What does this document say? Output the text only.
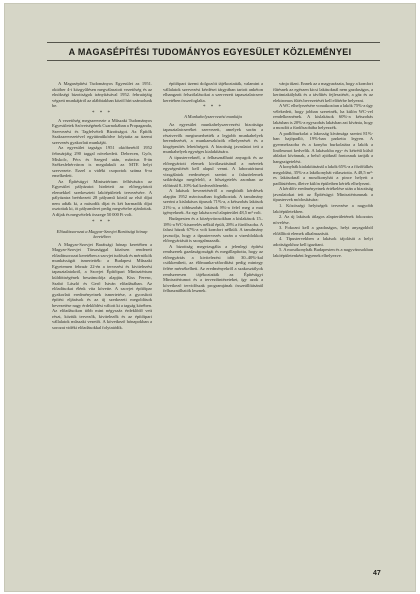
A MAGASÉPÍTÉSI TUDOMÁNYOS EGYESÜLET KÖZLEMÉNYEI

A Magasépítési Tudományos Egyesület az 1951. október 4-i közgyűlésen megválasztott vezetőség és az elnökségi bizottságok irányításával 1952. februárjáig végzett munkájáról az alábbiakban közöl hírt számolunk be.

* * *

A vezetőség megszervezte a Műszaki Tudományos Egyesületek Szövetségének Csarnokában a Propaganda, Szervezési és Tagfelvételi Bizottságot. Az Építők Szakszervezetével együttműködve folytatta az üzemi szervezés gyakorlati munkáját.

Az egyesület tagsága 1951 októberétől 1952 februárjáig 290 taggal növekedett. Debrecen, Győr, Miskolc, Pécs és Szeged után, március 8-án Székesfehérváron is megalakult az MTE helyi szervezete. Ezzel a vidéki csoportok száma 6-ra emelkedett.

Az Építésügyi Minisztérium felhívására az Egyesület pályázatot hirdetett az előregyártott elemekkel szerkesztett lakóépületek tervezésére. A pályázatra beérkezett 28 pályamű közül az első díjat nem adták ki, a második díjat és két harmadik díjat osztottak ki, öt pályaművet pedig megvételre ajánlottak. A díjak és megvételek összege 50 000 Ft volt.

* * *

Előadássorozat a Magyar-Szovjet Barátsági hónap keretében

A Magyar-Szovjet Barátsági hónap keretében a Magyar-Szovjet Társasággal közösen rendezett előadássorozat keretében a szovjet tudósok és mérnökök munkásságát ismertették: a Budapest Műszaki Egyetemen február 22-én a tervezési és kivitelezési tapasztalatokról, a Szovjet Építőipari Minisztérium küldöttségének beszámolója alapján, Kiss Ferenc, Szabó László és Gerő István előadásában. Az előadásokat élénk vita követte. A szovjet építőipar gyakorlati eredményeinek ismertetése, a gyorsított építési eljárások és az új szerkezeti megoldások bevezetése nagy érdeklődést váltott ki a tagság körében. Az előadásokon több mint négyszáz érdeklődő vett részt, köztük tervezők, kivitelezők és az építőipari vállalatok műszaki vezetői. A következő hónapokban a sorozat vidéki előadásokkal folytatódik.

építőipari üzemi dolgozóit tájékoztatták, valamint a vállalatok szervezési kérdései tárgyában tartott ankéton elhangzott felszólalásokat a szervezett tapasztalatcsere keretében összefoglalta.

* * *

A Munkahelyszervezési munkája

Az egyesület munkahelyszervezési bizottsága tapasztalatcseréket szervezett, amelyek során a résztvevők megismerhették a legjobb munkahelyek berendezését, a munkaeszközök elhelyezését és a kisgépesítés lehetőségeit. A bizottság javaslatot tett a munkahelyek egységes kialakítására.

A tipusterveknél, a felhasználható anyagok és az előregyártott elemek kiválasztásánál a méretek egységesítését kell alapul venni. A laboratóriumi vizsgálatok eredményei szerint a falazóelemek szilárdsága megfelelő, a hőszigetelés azonban az előírtnál 8–10%-kal kedvezőtlenebb.

A lakások bevezetéséről a megbírált kérdések alapján 1952 márciusában foglalkoztak. A tanulmány szerint a kislakásos típusok 71%-a, a kétszobás lakások 21%-a, a többszobás lakások 8%-a felel meg a mai igényeknek. Az egy lakásra eső alapterület 48,5 m² volt.

Budapesten és a középvárosokban a kislakások 15–18%-a WC-kiszerelés nélkül épült, 28% a fürdőszoba. A falusi házak 67%-a volt komfort nélküli. A tanulmány javasolja, hogy a típustervezés során a vizesblokkok előregyártását is szorgalmazzák.

A bizottság megvizsgálta a jelenlegi építési rendszerek gazdaságosságát és megállapította, hogy az előregyártás a kivitelezési időt 30–40%-kal csökkentheti, az élőmunka-ráfordítást pedig mintegy felére mérsékelheti. Az eredményekről a szakosztályok rendszeresen tájékoztatták az Építésügyi Minisztériumot és a tervezőintézeteket, így azok a következő tervidőszak programjának összeállításánál felhasználhatók lesznek.

vánja tűzni. Ennek az a magyarázata, hogy a komfort fűtésnek az egészen kicsi lakásoknál nem gazdaságos, a kerámiakályhák és a távfűtés fejlesztését, a gáz és az elektromos fűtés bevezetését kell előtérbe helyezni.

A WC elhelyezésére vonatkozóan a lakók 75%-a úgy vélekedett, hogy jobban szeretnék, ha külön WC-vel rendelkeznének. A kislakások 60%-a kétszobás lakásban is 20%-a egyszobás lakásban azt kívánta, hogy a mosdót a fürdőszobába helyezzék.

A padlóburkolat a lakosság kívánsága szerint 81%-ban hajópadló, 19%-ban parketta legyen. A gyermekszoba és a konyha burkolatára a lakók a linóleumot kedvelik. A lakásokba egy- és kétrétű külső ablakot kívánnak, a belső ajtóknál fontosnak tartják a hangszigetelést.

A konyhák kialakításánál a lakók 65%-a a főzőfülkés megoldást, 35%-a a lakókonyhát választotta. A 48,5 m²-es lakásoknál a mosókonyhát a pince helyett a padlástérben, illetve külön épületben kérték elhelyezni.

A kérdőív eredményeinek értékelése után a bizottság javaslatokat tett az Építésügyi Minisztériumnak a típustervek módosítására:

1. Közösségi helyiségek tervezése a nagyobb lakóépületekben.

2. Az új lakások átlagos alapterületének fokozatos növelése.

3. Fokozni kell a gazdaságos, helyi anyagokból előállított elemek alkalmazását.

4. Típustervekben a lakások tájolását a helyi adottságokhoz kell igazítani.

5. A mosókonyhák Budapesten és a nagyvárosokban lakóépületenként legyenek elhelyezve.

47
